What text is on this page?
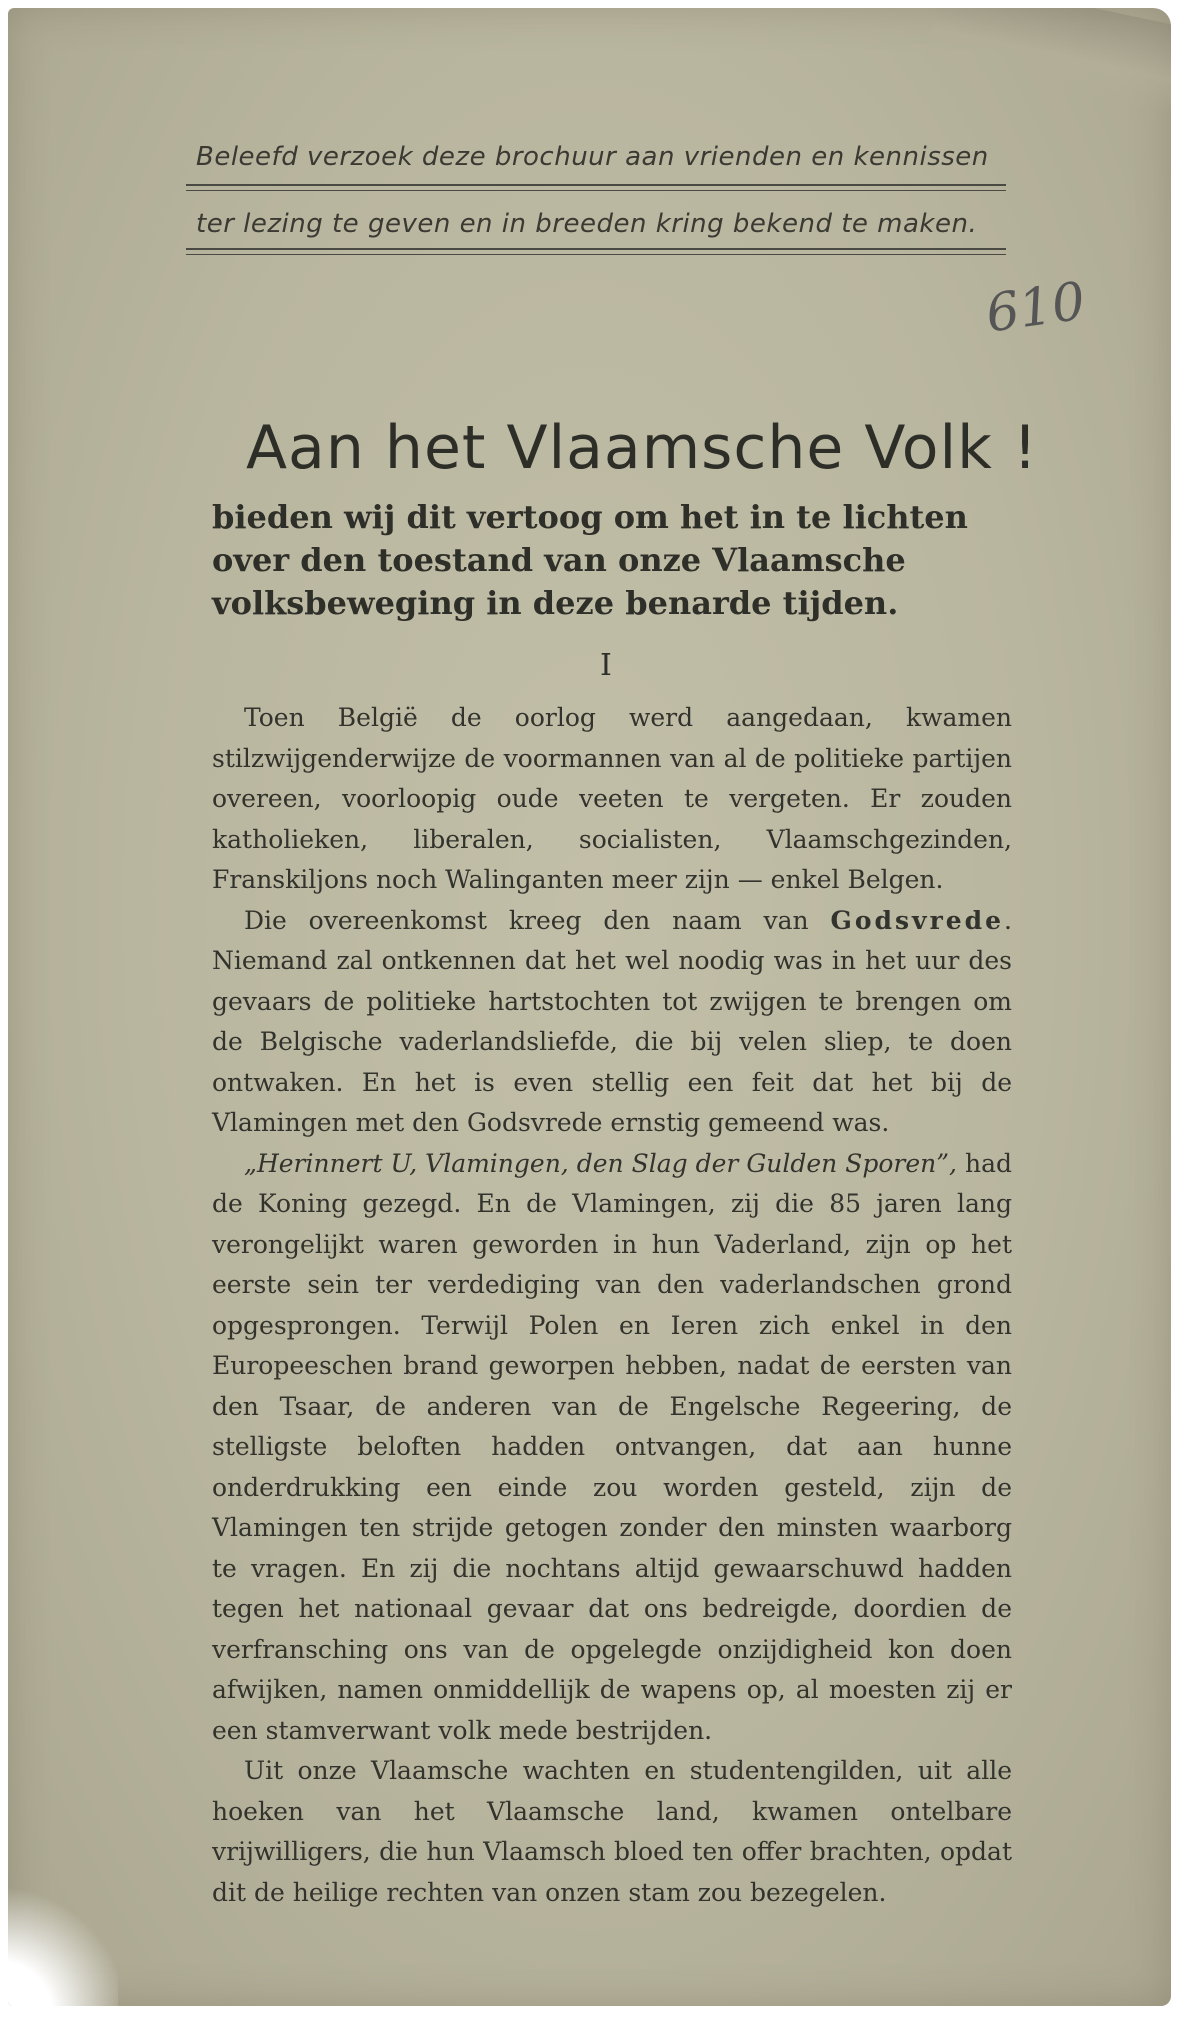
Beleefd verzoek deze brochuur aan vrienden en kennissen
ter lezing te geven en in breeden kring bekend te maken.
610
Aan het Vlaamsche Volk !
bieden wij dit vertoog om het in te lichten over den toestand van onze Vlaamsche volksbeweging in deze benarde tijden.
I

Toen België de oorlog werd aangedaan, kwamen stilzwijgenderwijze de voormannen van al de politieke partijen overeen, voorloopig oude veeten te vergeten. Er zouden katholieken, liberalen, socialisten, Vlaamschgezinden, Franskiljons noch Walinganten meer zijn — enkel Belgen.

Die overeenkomst kreeg den naam van Godsvrede. Niemand zal ontkennen dat het wel noodig was in het uur des gevaars de politieke hartstochten tot zwijgen te brengen om de Belgische vaderlandsliefde, die bij velen sliep, te doen ontwaken. En het is even stellig een feit dat het bij de Vlamingen met den Godsvrede ernstig gemeend was.

„Herinnert U, Vlamingen, den Slag der Gulden Sporen”, had de Koning gezegd. En de Vlamingen, zij die 85 jaren lang verongelijkt waren geworden in hun Vaderland, zijn op het eerste sein ter verdediging van den vaderlandschen grond opgesprongen. Terwijl Polen en Ieren zich enkel in den Europeeschen brand geworpen hebben, nadat de eersten van den Tsaar, de anderen van de Engelsche Regeering, de stelligste beloften hadden ontvangen, dat aan hunne onderdrukking een einde zou worden gesteld, zijn de Vlamingen ten strijde getogen zonder den minsten waarborg te vragen. En zij die nochtans altijd gewaarschuwd hadden tegen het nationaal gevaar dat ons bedreigde, doordien de verfransching ons van de opgelegde onzijdigheid kon doen afwijken, namen onmiddellijk de wapens op, al moesten zij er een stamverwant volk mede bestrijden.

Uit onze Vlaamsche wachten en studentengilden, uit alle hoeken van het Vlaamsche land, kwamen ontelbare vrijwilligers, die hun Vlaamsch bloed ten offer brachten, opdat dit de heilige rechten van onzen stam zou bezegelen.
